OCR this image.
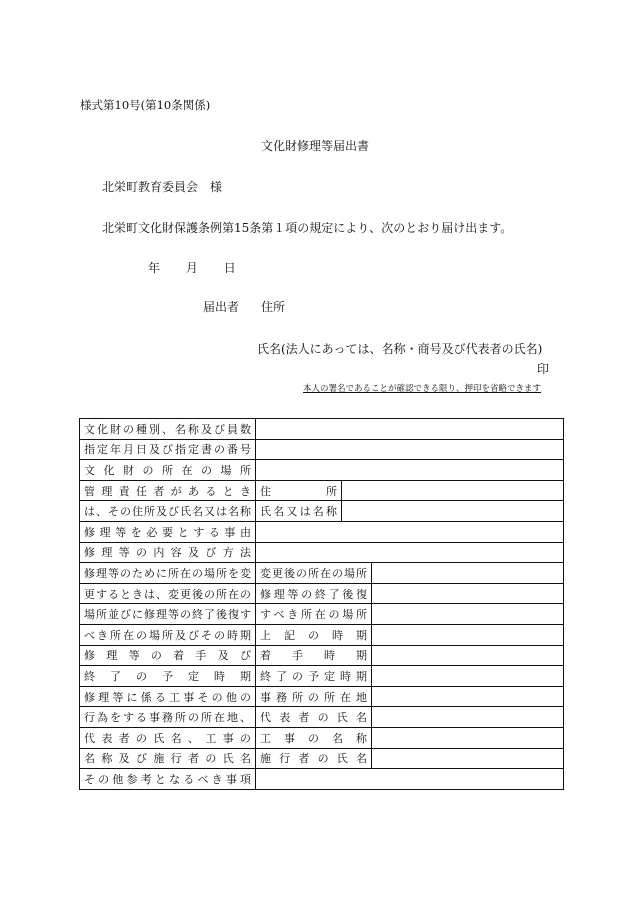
様式第10号(第10条関係)
文化財修理等届出書
北栄町教育委員会　様
北栄町文化財保護条例第15条第１項の規定により、次のとおり届け出ます。
年 月 日
届出者 住所
氏名(法人にあっては、名称・商号及び代表者の氏名)
印
本人の署名であることが確認できる限り、押印を省略できます
文化財の種別、名称及び員数			
指定年月日及び指定書の番号			
文化財の所在の場所			
管理責任者があるとき	住所		
は、その住所及び氏名又は名称	氏名又は名称		
修理等を必要とする事由			
修理等の内容及び方法			
修理等のために所在の場所を変	変更後の所在の場所		
更するときは、変更後の所在の	修理等の終了後復		
場所並びに修理等の終了後復す	すべき所在の場所		
べき所在の場所及びその時期	上記の時期		
修理等の着手及び	着手時期		
終了の予定時期	終了の予定時期		
修理等に係る工事その他の	事務所の所在地		
行為をする事務所の所在地、	代表者の氏名		
代表者の氏名、工事の	工事の名称		
名称及び施行者の氏名	施行者の氏名		
その他参考となるべき事項			
